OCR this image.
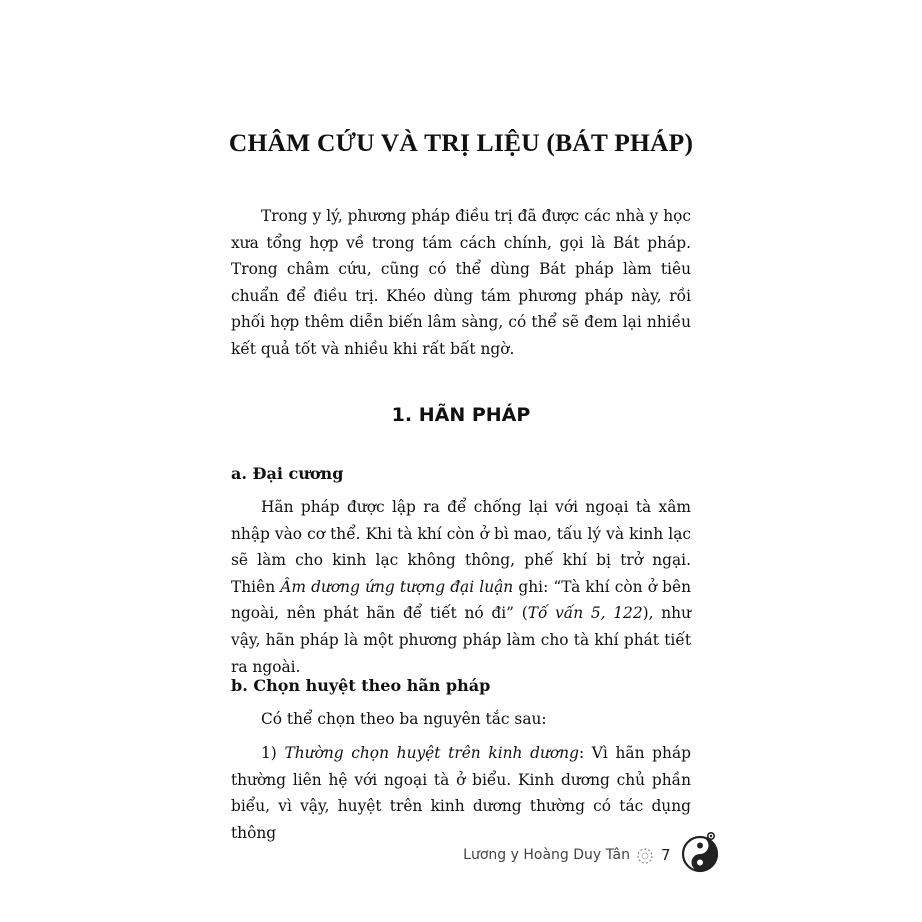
CHÂM CỨU VÀ TRỊ LIỆU (BÁT PHÁP)

Trong y lý, phương pháp điều trị đã được các nhà y học xưa tổng hợp về trong tám cách chính, gọi là Bát pháp. Trong châm cứu, cũng có thể dùng Bát pháp làm tiêu chuẩn để điều trị. Khéo dùng tám phương pháp này, rồi phối hợp thêm diễn biến lâm sàng, có thể sẽ đem lại nhiều kết quả tốt và nhiều khi rất bất ngờ.

1. HÃN PHÁP
a. Đại cương

Hãn pháp được lập ra để chống lại với ngoại tà xâm nhập vào cơ thể. Khi tà khí còn ở bì mao, tấu lý và kinh lạc sẽ làm cho kinh lạc không thông, phế khí bị trở ngại. Thiên Âm dương ứng tượng đại luận ghi: “Tà khí còn ở bên ngoài, nên phát hãn để tiết nó đi” (Tố vấn 5, 122), như vậy, hãn pháp là một phương pháp làm cho tà khí phát tiết ra ngoài.

b. Chọn huyệt theo hãn pháp

Có thể chọn theo ba nguyên tắc sau:

1) Thường chọn huyệt trên kinh dương: Vì hãn pháp thường liên hệ với ngoại tà ở biểu. Kinh dương chủ phần biểu, vì vậy, huyệt trên kinh dương thường có tác dụng thông

Lương y Hoàng Duy Tân 7
